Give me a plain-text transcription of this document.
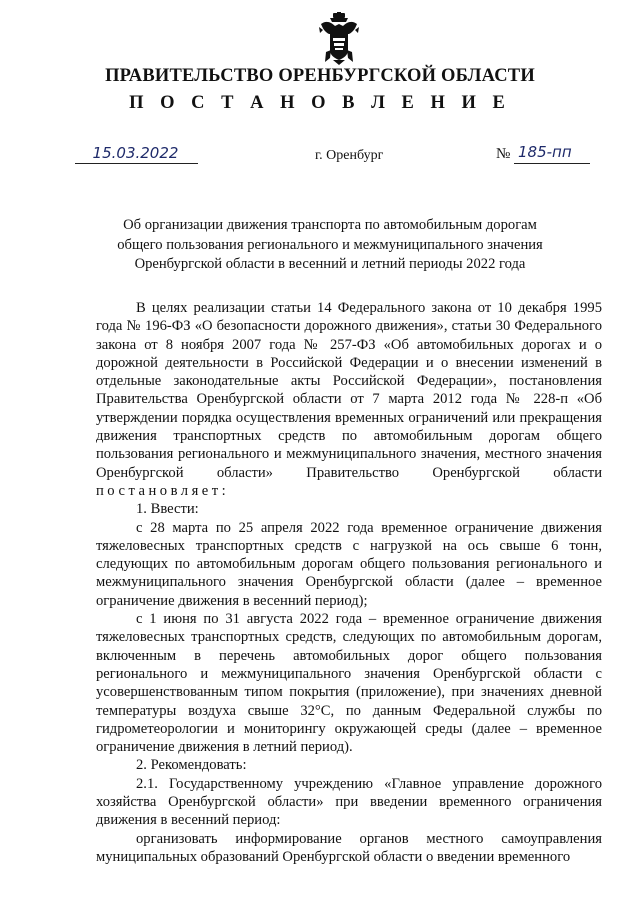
ПРАВИТЕЛЬСТВО ОРЕНБУРГСКОЙ ОБЛАСТИ
П О С Т А Н О В Л Е Н И Е
15.03.2022	г. Оренбург	№ 185-пп
Об организации движения транспорта по автомобильным дорогам
общего пользования регионального и межмуниципального значения
Оренбургской области в весенний и летний периоды 2022 года

В целях реализации статьи 14 Федерального закона от 10 декабря 1995 года № 196-ФЗ «О безопасности дорожного движения», статьи 30 Федерального закона от 8 ноября 2007 года № 257-ФЗ «Об автомобильных дорогах и о дорожной деятельности в Российской Федерации и о внесении изменений в отдельные законодательные акты Российской Федерации», постановления Правительства Оренбургской области от 7 марта 2012 года № 228-п «Об утверждении порядка осуществления временных ограничений или прекращения движения транспортных средств по автомобильным дорогам общего пользования регионального и межмуниципального значения, местного значения Оренбургской области» Правительство Оренбургской области постановляет:

1. Ввести:

с 28 марта по 25 апреля 2022 года временное ограничение движения тяжеловесных транспортных средств с нагрузкой на ось свыше 6 тонн, следующих по автомобильным дорогам общего пользования регионального и межмуниципального значения Оренбургской области (далее – временное ограничение движения в весенний период);

с 1 июня по 31 августа 2022 года – временное ограничение движения тяжеловесных транспортных средств, следующих по автомобильным дорогам, включенным в перечень автомобильных дорог общего пользования регионального и межмуниципального значения Оренбургской области с усовершенствованным типом покрытия (приложение), при значениях дневной температуры воздуха свыше 32°С, по данным Федеральной службы по гидрометеорологии и мониторингу окружающей среды (далее – временное ограничение движения в летний период).

2. Рекомендовать:

2.1. Государственному учреждению «Главное управление дорожного хозяйства Оренбургской области» при введении временного ограничения движения в весенний период:

организовать информирование органов местного самоуправления муниципальных образований Оренбургской области о введении временного
